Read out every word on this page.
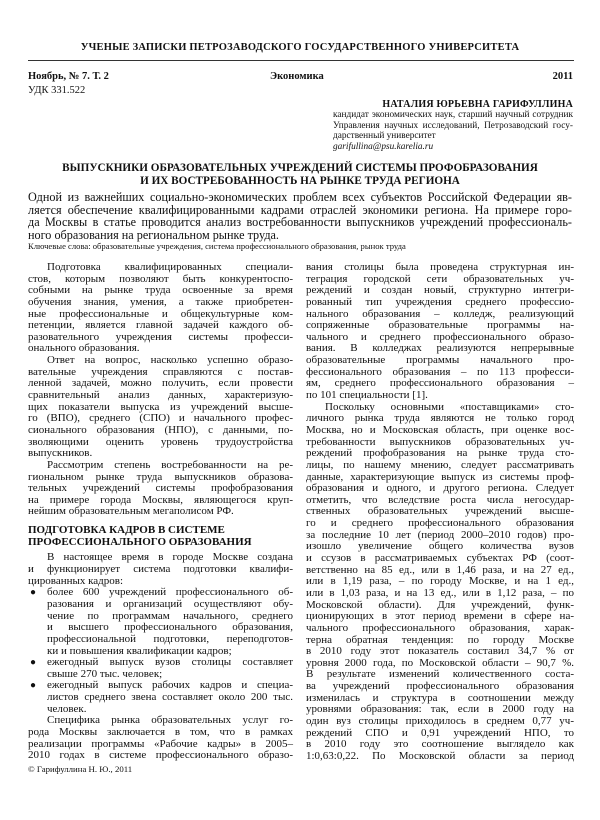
УЧЕНЫЕ ЗАПИСКИ ПЕТРОЗАВОДСКОГО ГОСУДАРСТВЕННОГО УНИВЕРСИТЕТА
Ноябрь, № 7. Т. 2	Экономика	2011
УДК 331.522
НАТАЛИЯ ЮРЬЕВНА ГАРИФУЛЛИНА
кандидат экономических наук, старший научный сотрудник
Управления научных исследований, Петрозаводский госу-
дарственный университет
garifullina@psu.karelia.ru
ВЫПУСКНИКИ ОБРАЗОВАТЕЛЬНЫХ УЧРЕЖДЕНИЙ СИСТЕМЫ ПРОФОБРАЗОВАНИЯ
И ИХ ВОСТРЕБОВАННОСТЬ НА РЫНКЕ ТРУДА РЕГИОНА
Одной из важнейших социально-экономических проблем всех субъектов Российской Федерации яв-
ляется обеспечение квалифицированными кадрами отраслей экономики региона. На примере горо-
да Москвы в статье проводится анализ востребованности выпускников учреждений профессиональ-
ного образования на региональном рынке труда.
Ключевые слова: образовательные учреждения, система профессионального образования, рынок труда
Подготовка квалифицированных специали-
стов, которым позволяют быть конкурентоспо-
собными на рынке труда освоенные за время
обучения знания, умения, а также приобретен-
ные профессиональные и общекультурные ком-
петенции, является главной задачей каждого об-
разовательного учреждения системы професси-
онального образования.
Ответ на вопрос, насколько успешно образо-
вательные учреждения справляются с постав-
ленной задачей, можно получить, если провести
сравнительный анализ данных, характеризую-
щих показатели выпуска из учреждений высше-
го (ВПО), среднего (СПО) и начального профес-
сионального образования (НПО), с данными, по-
зволяющими оценить уровень трудоустройства
выпускников.
Рассмотрим степень востребованности на ре-
гиональном рынке труда выпускников образова-
тельных учреждений системы профобразования
на примере города Москвы, являющегося круп-
нейшим образовательным мегаполисом РФ.
ПОДГОТОВКА КАДРОВ В СИСТЕМЕ
ПРОФЕССИОНАЛЬНОГО ОБРАЗОВАНИЯ
В настоящее время в городе Москве создана
и функционирует система подготовки квалифи-
цированных кадров:
● более 600 учреждений профессионального об-
разования и организаций осуществляют обу-
чение по программам начального, среднего
и высшего профессионального образования,
профессиональной подготовки, переподготов-
ки и повышения квалификации кадров;
● ежегодный выпуск вузов столицы составляет
свыше 270 тыс. человек;
● ежегодный выпуск рабочих кадров и специа-
листов среднего звена составляет около 200 тыс.
человек.
Специфика рынка образовательных услуг го-
рода Москвы заключается в том, что в рамках
реализации программы «Рабочие кадры» в 2005–
2010 годах в системе профессионального образо-
вания столицы была проведена структурная ин-
теграция городской сети образовательных уч-
реждений и создан новый, структурно интегри-
рованный тип учреждения среднего профессио-
нального образования – колледж, реализующий
сопряженные образовательные программы на-
чального и среднего профессионального образо-
вания. В колледжах реализуются непрерывные
образовательные программы начального про-
фессионального образования – по 113 професси-
ям, среднего профессионального образования –
по 101 специальности [1].
Поскольку основными «поставщиками» сто-
личного рынка труда являются не только город
Москва, но и Московская область, при оценке вос-
требованности выпускников образовательных уч-
реждений профобразования на рынке труда сто-
лицы, по нашему мнению, следует рассматривать
данные, характеризующие выпуск из системы проф-
образования и одного, и другого региона. Следует
отметить, что вследствие роста числа негосудар-
ственных образовательных учреждений высше-
го и среднего профессионального образования
за последние 10 лет (период 2000–2010 годов) про-
изошло увеличение общего количества вузов
и ссузов в рассматриваемых субъектах РФ (соот-
ветственно на 85 ед., или в 1,46 раза, и на 27 ед.,
или в 1,19 раза, – по городу Москве, и на 1 ед.,
или в 1,03 раза, и на 13 ед., или в 1,12 раза, – по
Московской области). Для учреждений, функ-
ционирующих в этот период времени в сфере на-
чального профессионального образования, харак-
терна обратная тенденция: по городу Москве
в 2010 году этот показатель составил 34,7 % от
уровня 2000 года, по Московской области – 90,7 %.
В результате изменений количественного соста-
ва учреждений профессионального образования
изменилась и структура в соотношении между
уровнями образования: так, если в 2000 году на
один вуз столицы приходилось в среднем 0,77 уч-
реждений СПО и 0,91 учреждений НПО, то
в 2010 году это соотношение выглядело как
1:0,63:0,22. По Московской области за период
© Гарифуллина Н. Ю., 2011
